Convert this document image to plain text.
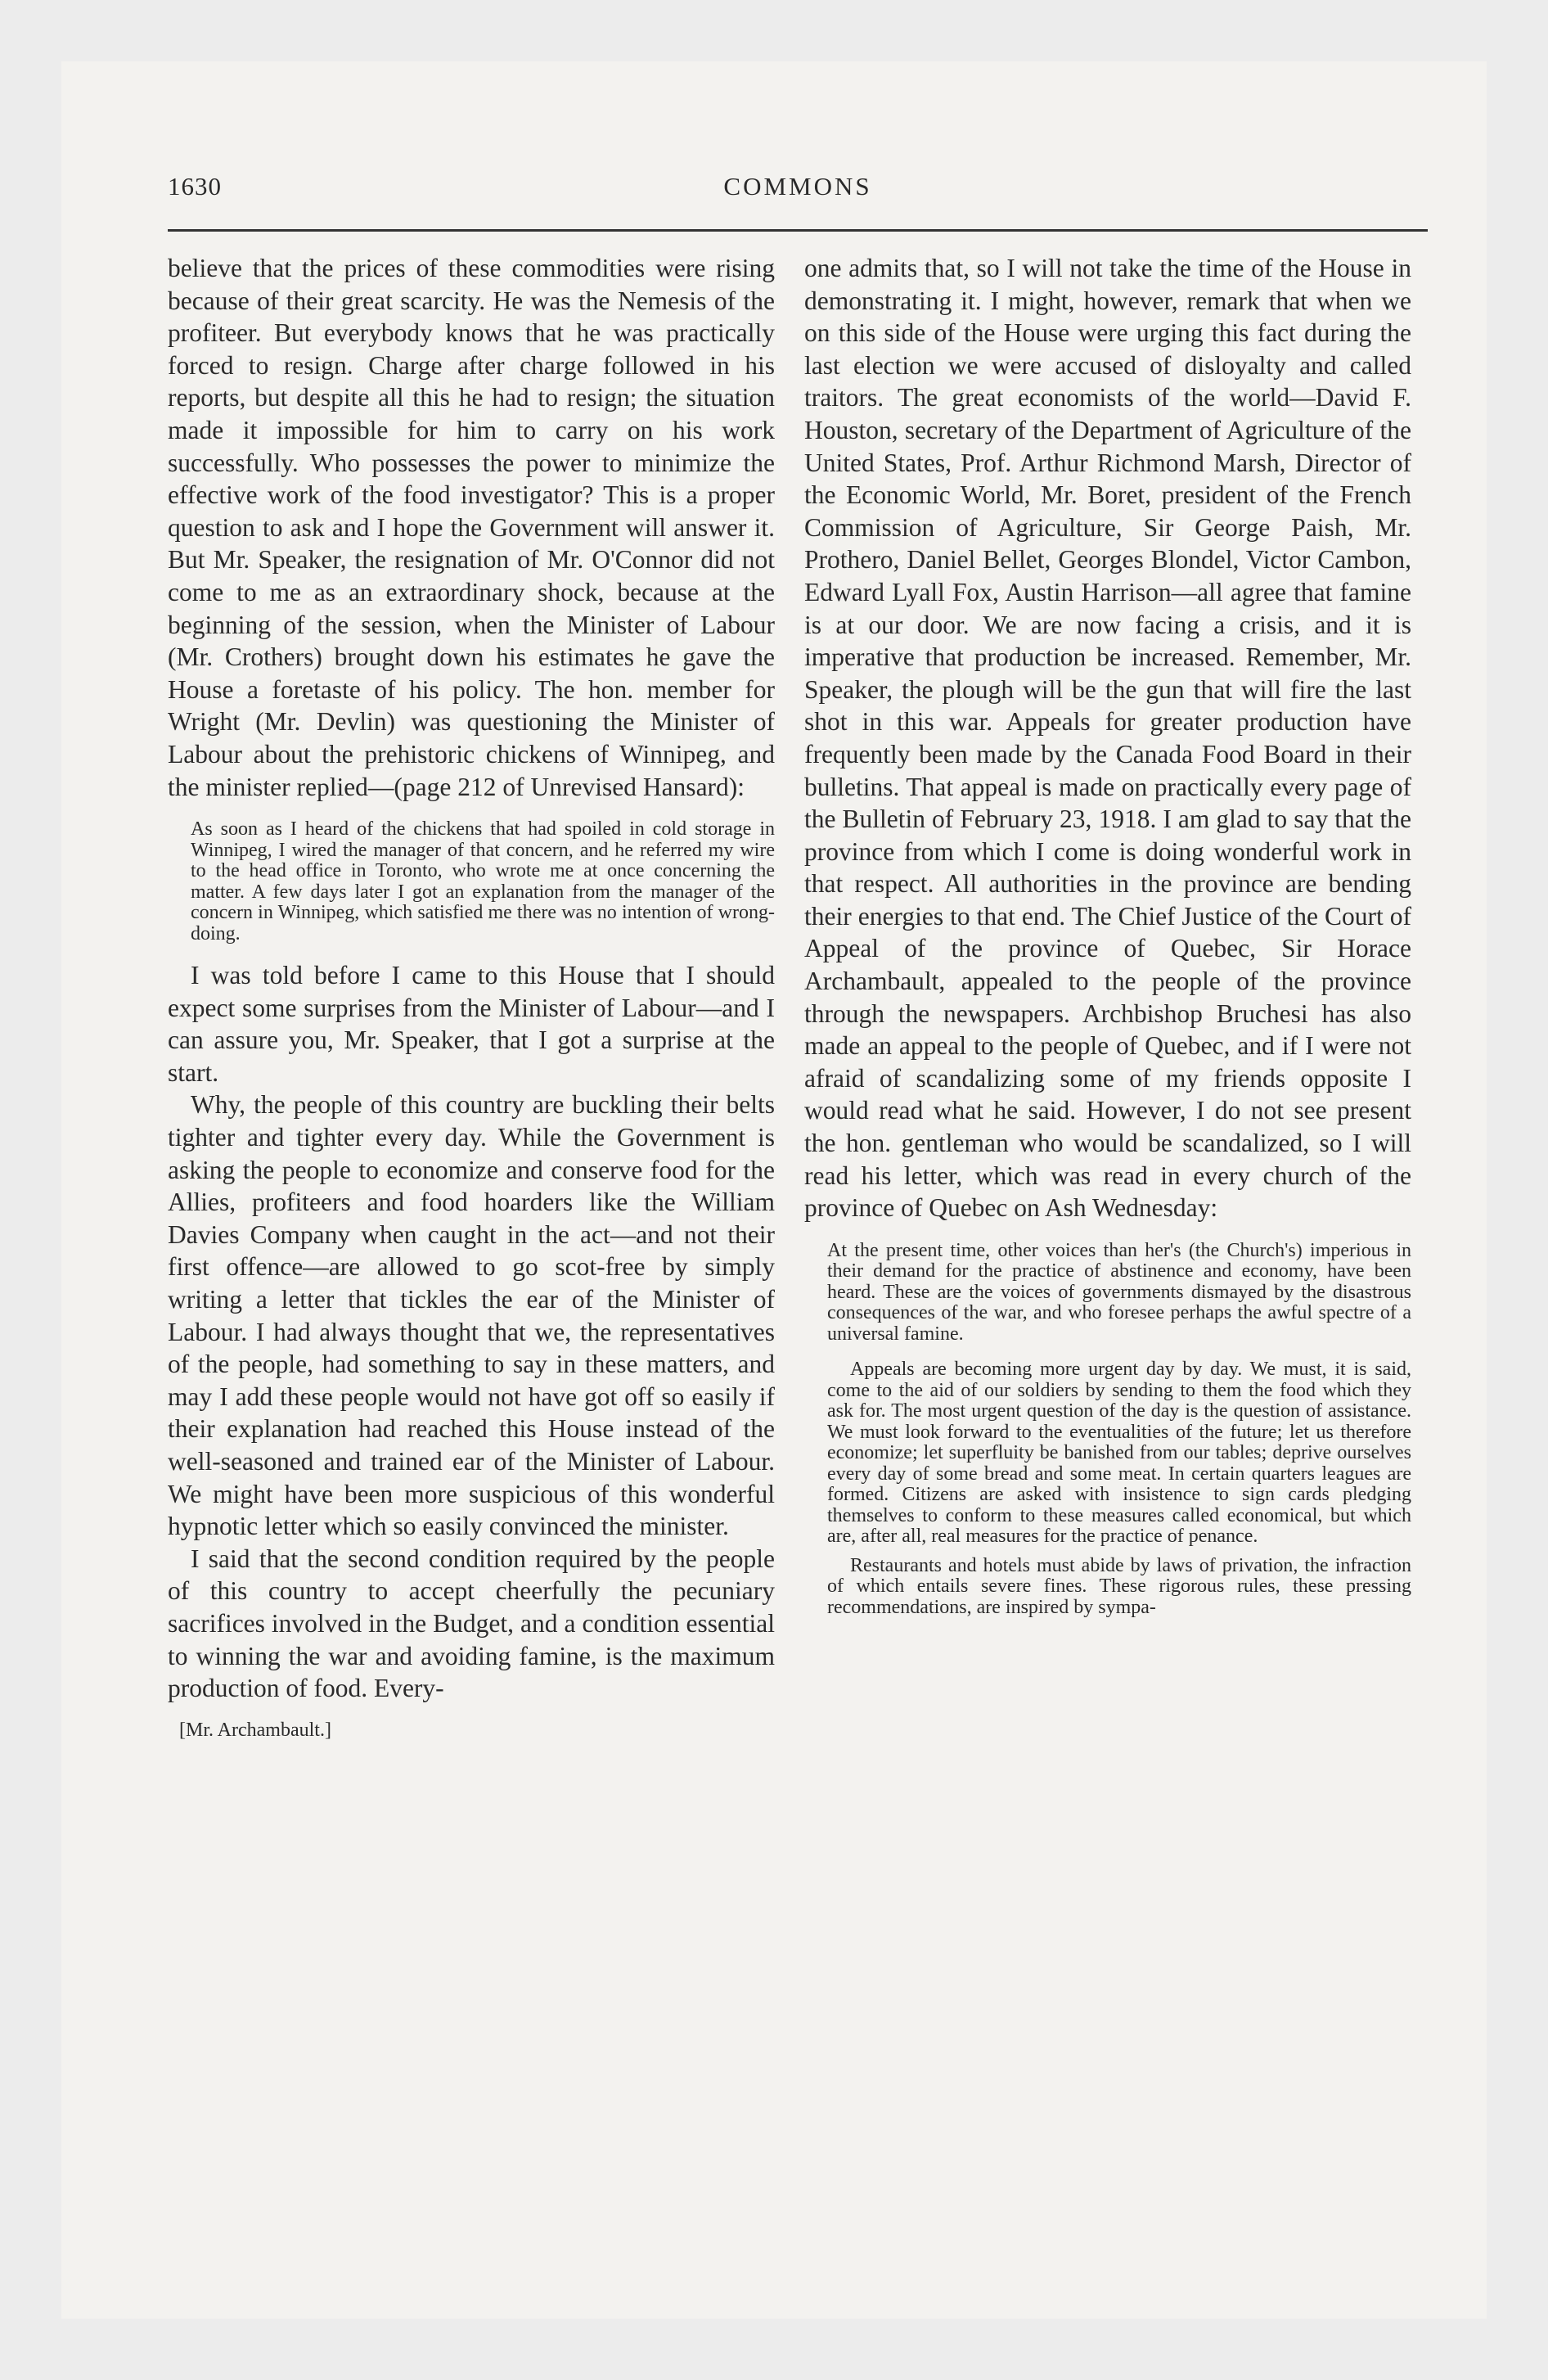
1630	COMMONS

believe that the prices of these commodities were rising because of their great scarcity. He was the Nemesis of the profiteer. But everybody knows that he was practically forced to resign. Charge after charge followed in his reports, but despite all this he had to resign; the situation made it impossible for him to carry on his work successfully. Who possesses the power to minimize the effective work of the food investigator? This is a proper question to ask and I hope the Government will answer it. But Mr. Speaker, the resignation of Mr. O'Connor did not come to me as an extraordinary shock, because at the beginning of the session, when the Minister of Labour (Mr. Crothers) brought down his estimates he gave the House a foretaste of his policy. The hon. member for Wright (Mr. Devlin) was questioning the Minister of Labour about the prehistoric chickens of Winnipeg, and the minister replied—(page 212 of Unrevised Hansard):

As soon as I heard of the chickens that had spoiled in cold storage in Winnipeg, I wired the manager of that concern, and he referred my wire to the head office in Toronto, who wrote me at once concerning the matter. A few days later I got an explanation from the manager of the concern in Winnipeg, which satisfied me there was no intention of wrong-doing.

I was told before I came to this House that I should expect some surprises from the Minister of Labour—and I can assure you, Mr. Speaker, that I got a surprise at the start.

Why, the people of this country are buckling their belts tighter and tighter every day. While the Government is asking the people to economize and conserve food for the Allies, profiteers and food hoarders like the William Davies Company when caught in the act—and not their first offence—are allowed to go scot-free by simply writing a letter that tickles the ear of the Minister of Labour. I had always thought that we, the representatives of the people, had something to say in these matters, and may I add these people would not have got off so easily if their explanation had reached this House instead of the well-seasoned and trained ear of the Minister of Labour. We might have been more suspicious of this wonderful hypnotic letter which so easily convinced the minister.

I said that the second condition required by the people of this country to accept cheerfully the pecuniary sacrifices involved in the Budget, and a condition essential to winning the war and avoiding famine, is the maximum production of food. Every-

[Mr. Archambault.]

one admits that, so I will not take the time of the House in demonstrating it. I might, however, remark that when we on this side of the House were urging this fact during the last election we were accused of disloyalty and called traitors. The great economists of the world—David F. Houston, secretary of the Department of Agriculture of the United States, Prof. Arthur Richmond Marsh, Director of the Economic World, Mr. Boret, president of the French Commission of Agriculture, Sir George Paish, Mr. Prothero, Daniel Bellet, Georges Blondel, Victor Cambon, Edward Lyall Fox, Austin Harrison—all agree that famine is at our door. We are now facing a crisis, and it is imperative that production be increased. Remember, Mr. Speaker, the plough will be the gun that will fire the last shot in this war. Appeals for greater production have frequently been made by the Canada Food Board in their bulletins. That appeal is made on practically every page of the Bulletin of February 23, 1918. I am glad to say that the province from which I come is doing wonderful work in that respect. All authorities in the province are bending their energies to that end. The Chief Justice of the Court of Appeal of the province of Quebec, Sir Horace Archambault, appealed to the people of the province through the newspapers. Archbishop Bruchesi has also made an appeal to the people of Quebec, and if I were not afraid of scandalizing some of my friends opposite I would read what he said. However, I do not see present the hon. gentleman who would be scandalized, so I will read his letter, which was read in every church of the province of Quebec on Ash Wednesday:

At the present time, other voices than her's (the Church's) imperious in their demand for the practice of abstinence and economy, have been heard. These are the voices of governments dismayed by the disastrous consequences of the war, and who foresee perhaps the awful spectre of a universal famine.

Appeals are becoming more urgent day by day. We must, it is said, come to the aid of our soldiers by sending to them the food which they ask for. The most urgent question of the day is the question of assistance. We must look forward to the eventualities of the future; let us therefore economize; let superfluity be banished from our tables; deprive ourselves every day of some bread and some meat. In certain quarters leagues are formed. Citizens are asked with insistence to sign cards pledging themselves to conform to these measures called economical, but which are, after all, real measures for the practice of penance.

Restaurants and hotels must abide by laws of privation, the infraction of which entails severe fines. These rigorous rules, these pressing recommendations, are inspired by sympa-
